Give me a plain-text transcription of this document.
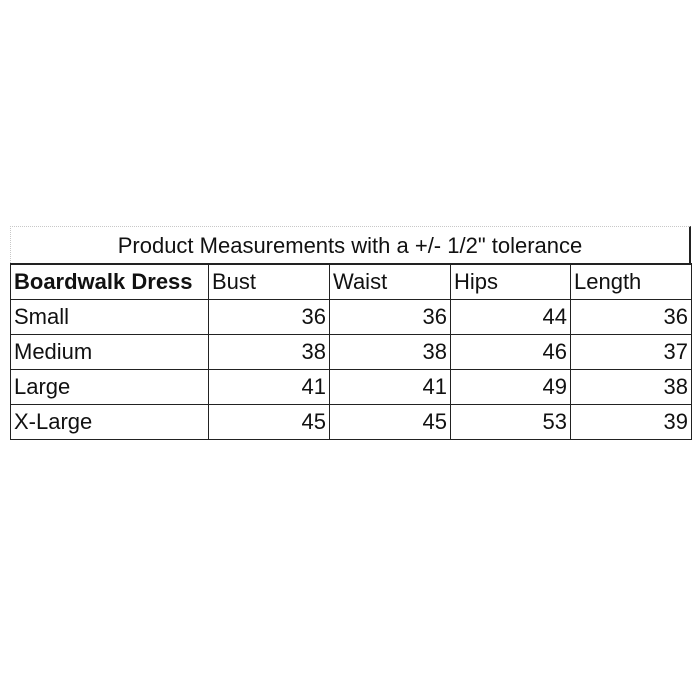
Product Measurements with a +/- 1/2" tolerance
Boardwalk Dress	Bust	Waist	Hips	Length
Small	36	36	44	36
Medium	38	38	46	37
Large	41	41	49	38
X-Large	45	45	53	39
